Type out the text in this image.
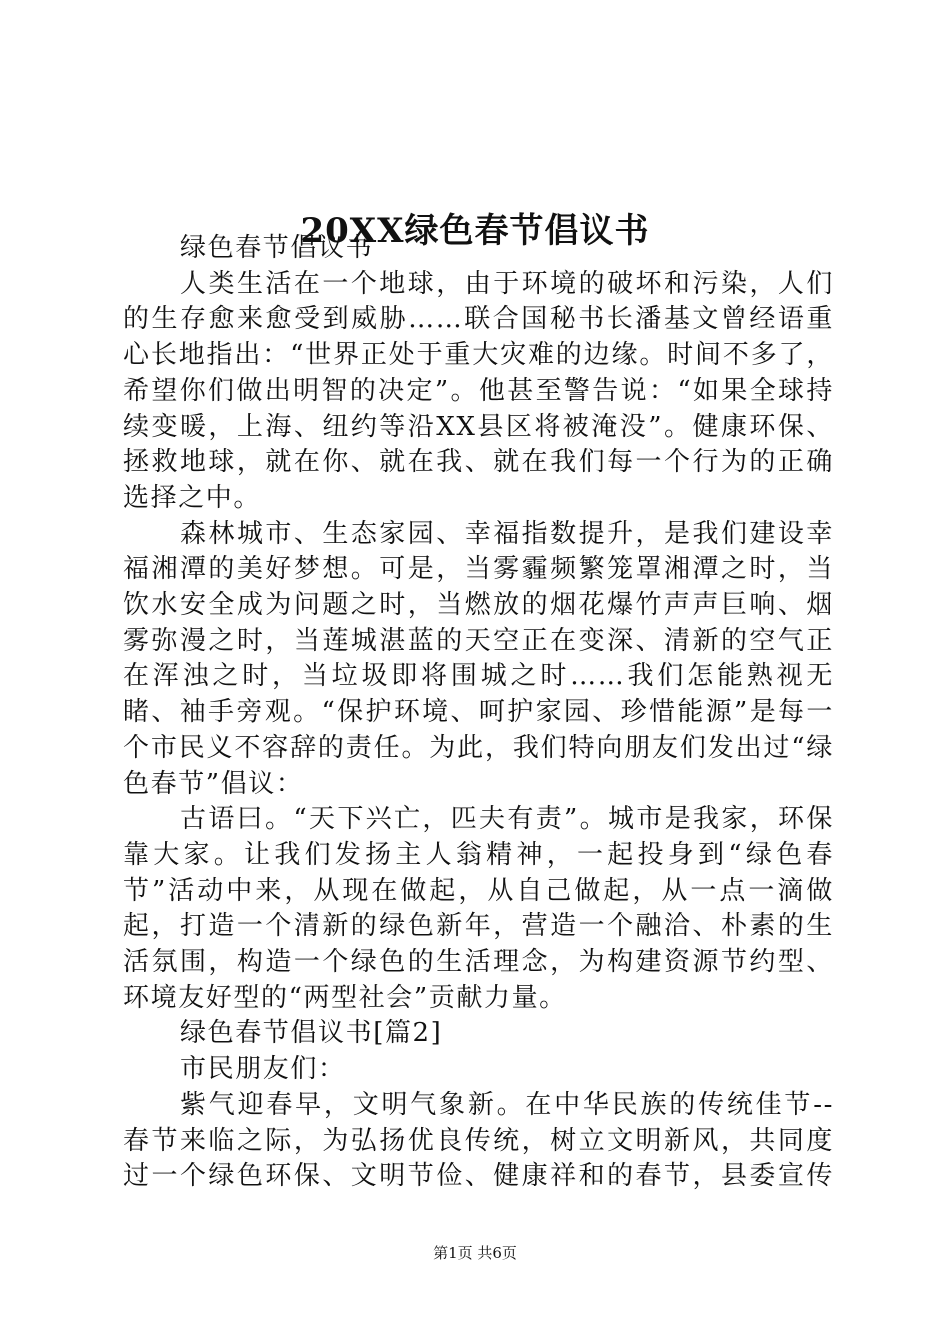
20XX绿色春节倡议书

绿色春节倡议书

人类生活在一个地球，由于环境的破坏和污染，人们的生存愈来愈受到威胁……联合国秘书长潘基文曾经语重心长地指出：“世界正处于重大灾难的边缘。时间不多了，希望你们做出明智的决定”。他甚至警告说：“如果全球持续变暖，上海、纽约等沿XX县区将被淹没”。健康环保、拯救地球，就在你、就在我、就在我们每一个行为的正确选择之中。

森林城市、生态家园、幸福指数提升，是我们建设幸福湘潭的美好梦想。可是，当雾霾频繁笼罩湘潭之时，当饮水安全成为问题之时，当燃放的烟花爆竹声声巨响、烟雾弥漫之时，当莲城湛蓝的天空正在变深、清新的空气正在浑浊之时，当垃圾即将围城之时……我们怎能熟视无睹、袖手旁观。“保护环境、呵护家园、珍惜能源”是每一个市民义不容辞的责任。为此，我们特向朋友们发出过“绿色春节”倡议：

古语曰。“天下兴亡，匹夫有责”。城市是我家，环保靠大家。让我们发扬主人翁精神，一起投身到“绿色春节”活动中来，从现在做起，从自己做起，从一点一滴做起，打造一个清新的绿色新年，营造一个融洽、朴素的生活氛围，构造一个绿色的生活理念，为构建资源节约型、环境友好型的“两型社会”贡献力量。

绿色春节倡议书[篇2]

市民朋友们：

紫气迎春早，文明气象新。在中华民族的传统佳节--春节来临之际，为弘扬优良传统，树立文明新风，共同度过一个绿色环保、文明节俭、健康祥和的春节，县委宣传

第1页 共6页
